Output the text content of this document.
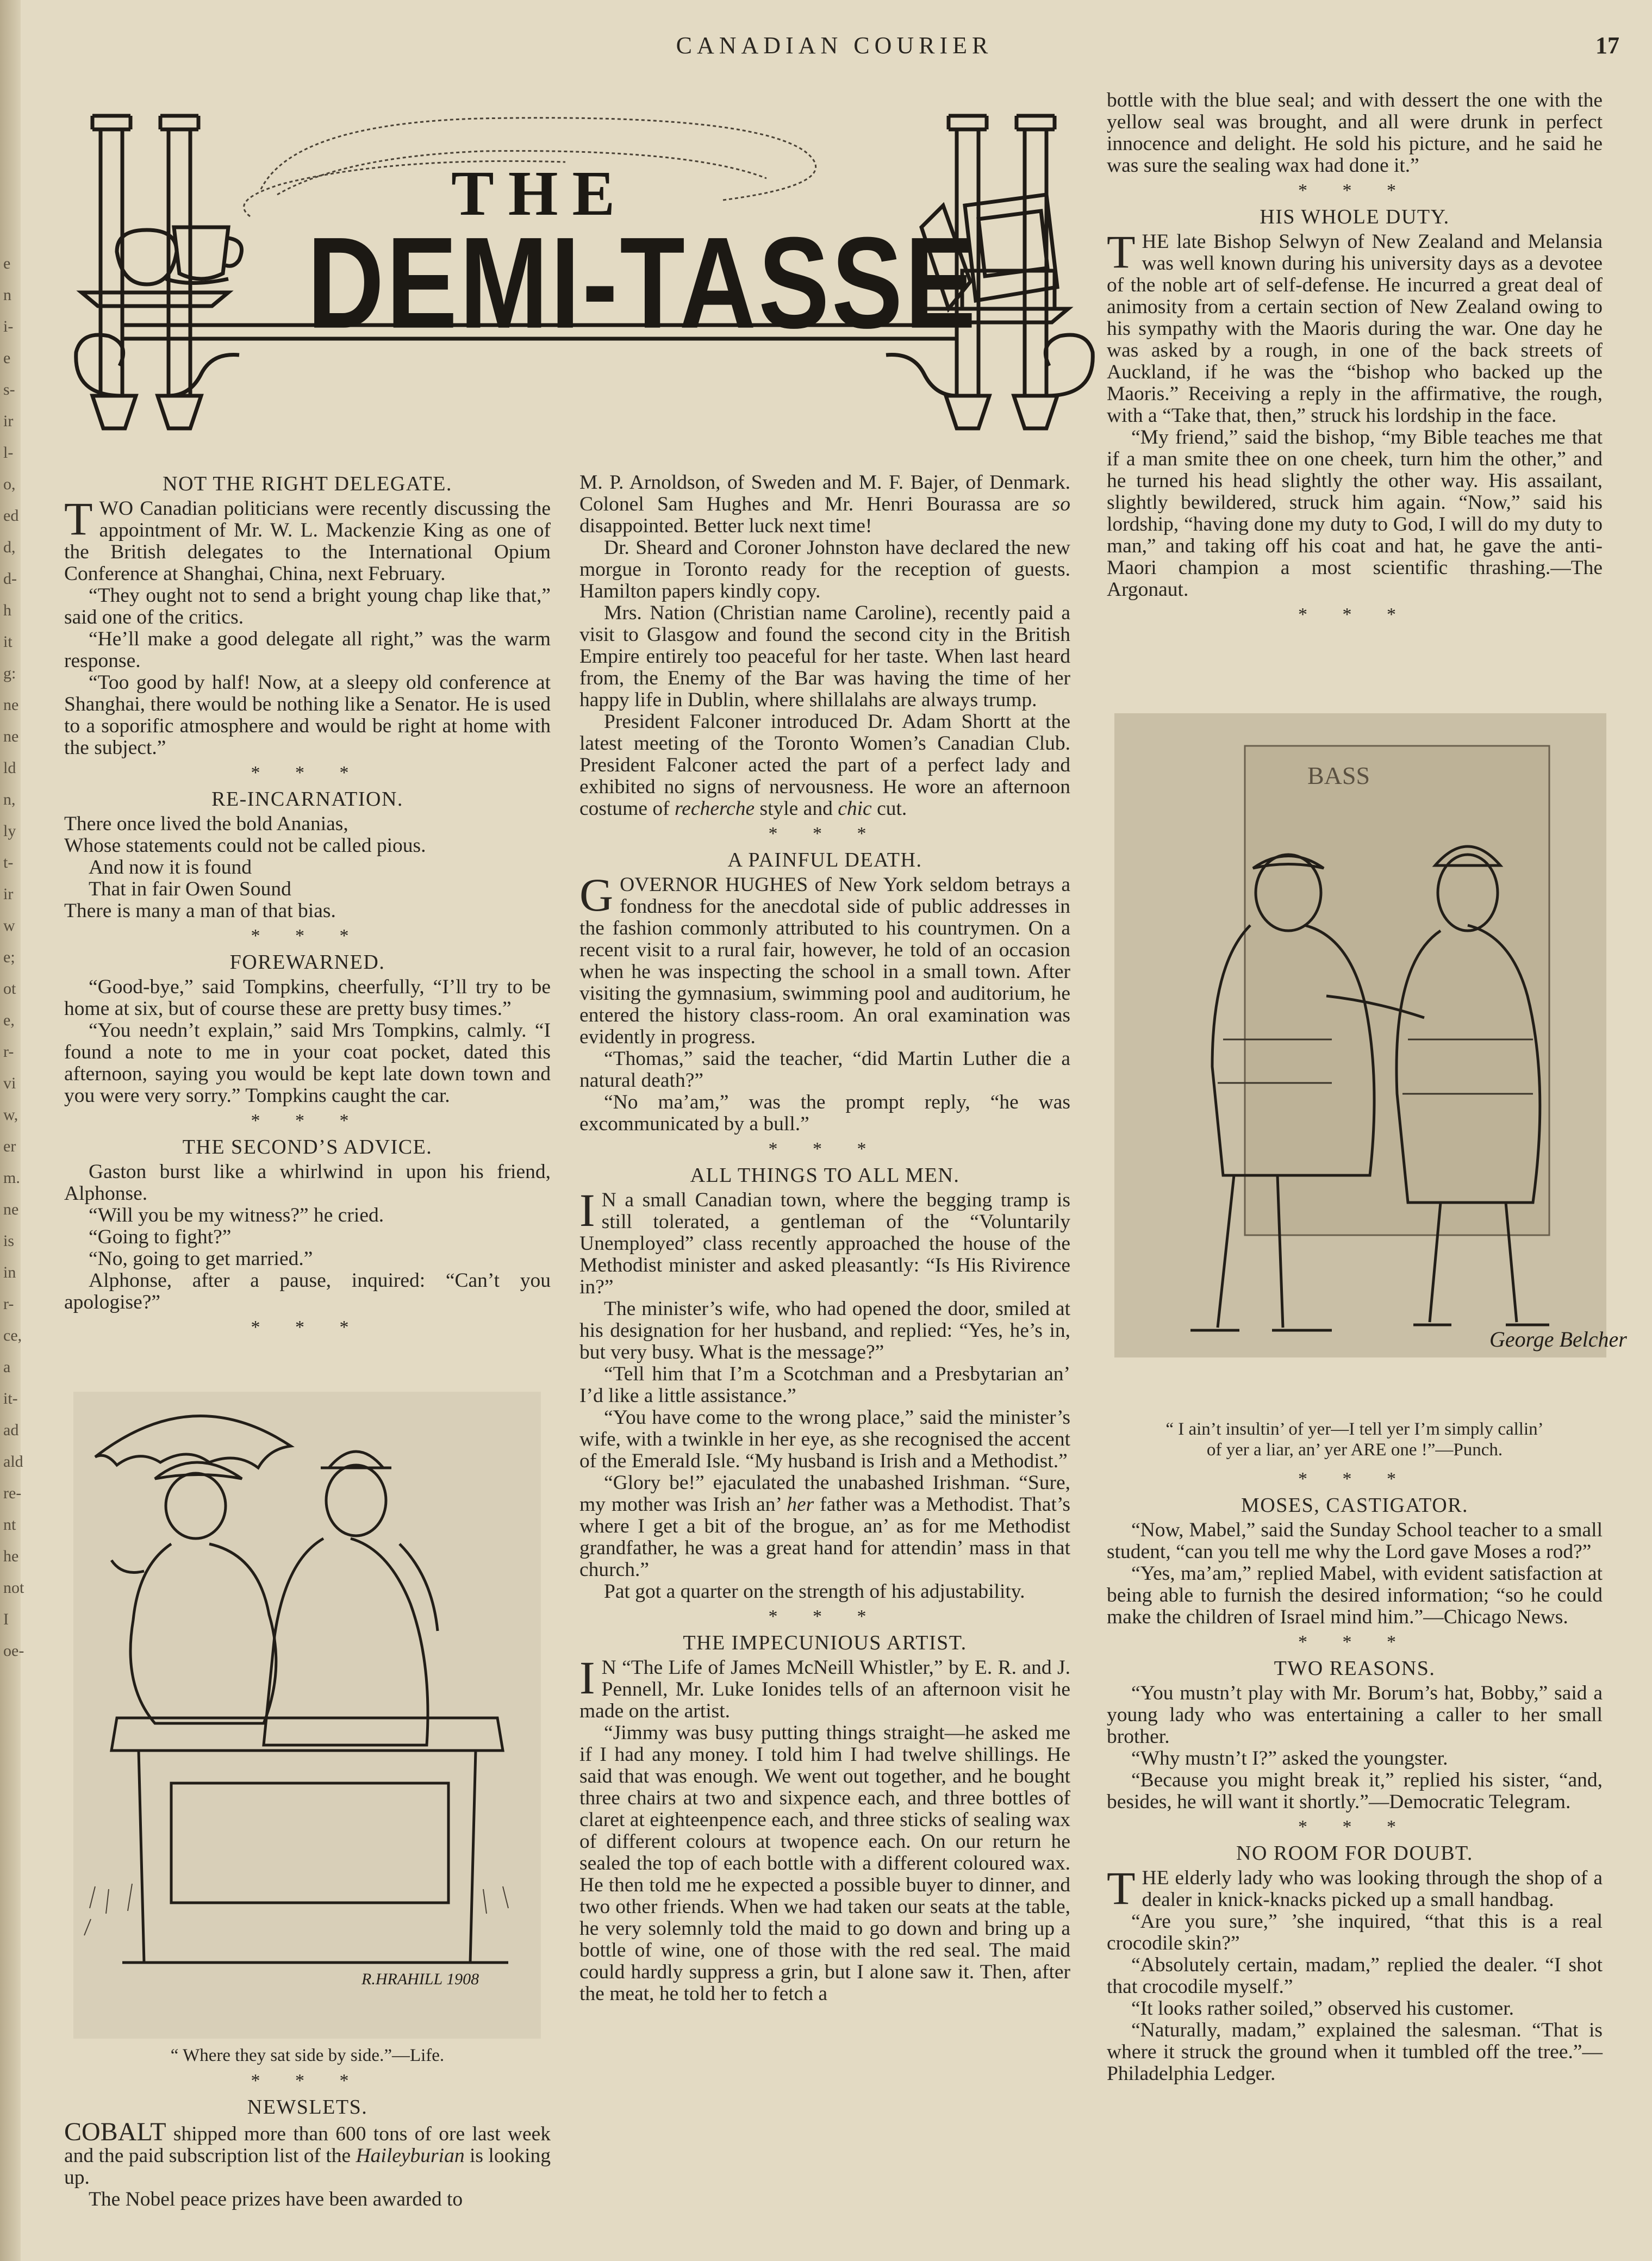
e
n
i-
e
s-
ir
l-
o,
ed
d,
d-
h
it
g:
ne
ne
ld
n,
ly
t-
ir
w
e;
ot
e,
r-
vi
w,
er
m.
ne
is
in
r-
ce,
a
it-
ad
ald
re-
nt
he
not
I
oe-
CANADIAN COURIER	17
THE
DEMI-TASSE
NOT THE RIGHT DELEGATE.

TWO Canadian politicians were recently discussing the appointment of Mr. W. L. Mackenzie King as one of the British delegates to the International Opium Conference at Shanghai, China, next February.

“They ought not to send a bright young chap like that,” said one of the critics.

“He’ll make a good delegate all right,” was the warm response.

“Too good by half! Now, at a sleepy old conference at Shanghai, there would be nothing like a Senator. He is used to a soporific atmosphere and would be right at home with the subject.”

* * *
RE-INCARNATION.

There once lived the bold Ananias,

Whose statements could not be called pious.

And now it is found

That in fair Owen Sound

There is many a man of that bias.

* * *
FOREWARNED.

“Good-bye,” said Tompkins, cheerfully, “I’ll try to be home at six, but of course these are pretty busy times.”

“You needn’t explain,” said Mrs Tompkins, calmly. “I found a note to me in your coat pocket, dated this afternoon, saying you would be kept late down town and you were very sorry.” Tompkins caught the car.

* * *
THE SECOND’S ADVICE.

Gaston burst like a whirlwind in upon his friend, Alphonse.

“Will you be my witness?” he cried.

“Going to fight?”

“No, going to get married.”

Alphonse, after a pause, inquired: “Can’t you apologise?”

* * *
R.HRAHILL 1908
“ Where they sat side by side.”—Life.
* * *
NEWSLETS.

COBALT shipped more than 600 tons of ore last week and the paid subscription list of the Haileyburian is looking up.

The Nobel peace prizes have been awarded to

M. P. Arnoldson, of Sweden and M. F. Bajer, of Denmark. Colonel Sam Hughes and Mr. Henri Bourassa are so disappointed. Better luck next time!

Dr. Sheard and Coroner Johnston have declared the new morgue in Toronto ready for the reception of guests. Hamilton papers kindly copy.

Mrs. Nation (Christian name Caroline), recently paid a visit to Glasgow and found the second city in the British Empire entirely too peaceful for her taste. When last heard from, the Enemy of the Bar was having the time of her happy life in Dublin, where shillalahs are always trump.

President Falconer introduced Dr. Adam Shortt at the latest meeting of the Toronto Women’s Canadian Club. President Falconer acted the part of a perfect lady and exhibited no signs of nervousness. He wore an afternoon costume of recherche style and chic cut.

* * *
A PAINFUL DEATH.

GOVERNOR HUGHES of New York seldom betrays a fondness for the anecdotal side of public addresses in the fashion commonly attributed to his countrymen. On a recent visit to a rural fair, however, he told of an occasion when he was inspecting the school in a small town. After visiting the gymnasium, swimming pool and auditorium, he entered the history class-room. An oral examination was evidently in progress.

“Thomas,” said the teacher, “did Martin Luther die a natural death?”

“No ma’am,” was the prompt reply, “he was excommunicated by a bull.”

* * *
ALL THINGS TO ALL MEN.

I N a small Canadian town, where the begging tramp is still tolerated, a gentleman of the “Voluntarily Unemployed” class recently approached the house of the Methodist minister and asked pleasantly: “Is His Rivirence in?”

The minister’s wife, who had opened the door, smiled at his designation for her husband, and replied: “Yes, he’s in, but very busy. What is the message?”

“Tell him that I’m a Scotchman and a Presbytarian an’ I’d like a little assistance.”

“You have come to the wrong place,” said the minister’s wife, with a twinkle in her eye, as she recognised the accent of the Emerald Isle. “My husband is Irish and a Methodist.”

“Glory be!” ejaculated the unabashed Irishman. “Sure, my mother was Irish an’ her father was a Methodist. That’s where I get a bit of the brogue, an’ as for me Methodist grandfather, he was a great hand for attendin’ mass in that church.”

Pat got a quarter on the strength of his adjustability.

* * *
THE IMPECUNIOUS ARTIST.

I N “The Life of James McNeill Whistler,” by E. R. and J. Pennell, Mr. Luke Ionides tells of an afternoon visit he made on the artist.

“Jimmy was busy putting things straight—he asked me if I had any money. I told him I had twelve shillings. He said that was enough. We went out together, and he bought three chairs at two and sixpence each, and three bottles of claret at eighteenpence each, and three sticks of sealing wax of different colours at twopence each. On our return he sealed the top of each bottle with a different coloured wax. He then told me he expected a possible buyer to dinner, and two other friends. When we had taken our seats at the table, he very solemnly told the maid to go down and bring up a bottle of wine, one of those with the red seal. The maid could hardly suppress a grin, but I alone saw it. Then, after the meat, he told her to fetch a

bottle with the blue seal; and with dessert the one with the yellow seal was brought, and all were drunk in perfect innocence and delight. He sold his picture, and he said he was sure the sealing wax had done it.”

* * *
HIS WHOLE DUTY.

THE late Bishop Selwyn of New Zealand and Melansia was well known during his university days as a devotee of the noble art of self-defense. He incurred a great deal of animosity from a certain section of New Zealand owing to his sympathy with the Maoris during the war. One day he was asked by a rough, in one of the back streets of Auckland, if he was the “bishop who backed up the Maoris.” Receiving a reply in the affirmative, the rough, with a “Take that, then,” struck his lordship in the face.

“My friend,” said the bishop, “my Bible teaches me that if a man smite thee on one cheek, turn him the other,” and he turned his head slightly the other way. His assailant, slightly bewildered, struck him again. “Now,” said his lordship, “having done my duty to God, I will do my duty to man,” and taking off his coat and hat, he gave the anti-Maori champion a most scientific thrashing.—The Argonaut.

* * *
BASS
George Belcher
“ I ain’t insultin’ of yer—I tell yer I’m simply callin’
of yer a liar, an’ yer ARE one !”—Punch.
* * *
MOSES, CASTIGATOR.

“Now, Mabel,” said the Sunday School teacher to a small student, “can you tell me why the Lord gave Moses a rod?”

“Yes, ma’am,” replied Mabel, with evident satisfaction at being able to furnish the desired information; “so he could make the children of Israel mind him.”—Chicago News.

* * *
TWO REASONS.

“You mustn’t play with Mr. Borum’s hat, Bobby,” said a young lady who was entertaining a caller to her small brother.

“Why mustn’t I?” asked the youngster.

“Because you might break it,” replied his sister, “and, besides, he will want it shortly.”—Democratic Telegram.

* * *
NO ROOM FOR DOUBT.

THE elderly lady who was looking through the shop of a dealer in knick-knacks picked up a small handbag.

“Are you sure,” ’she inquired, “that this is a real crocodile skin?”

“Absolutely certain, madam,” replied the dealer. “I shot that crocodile myself.”

“It looks rather soiled,” observed his customer.

“Naturally, madam,” explained the salesman. “That is where it struck the ground when it tumbled off the tree.”—Philadelphia Ledger.
